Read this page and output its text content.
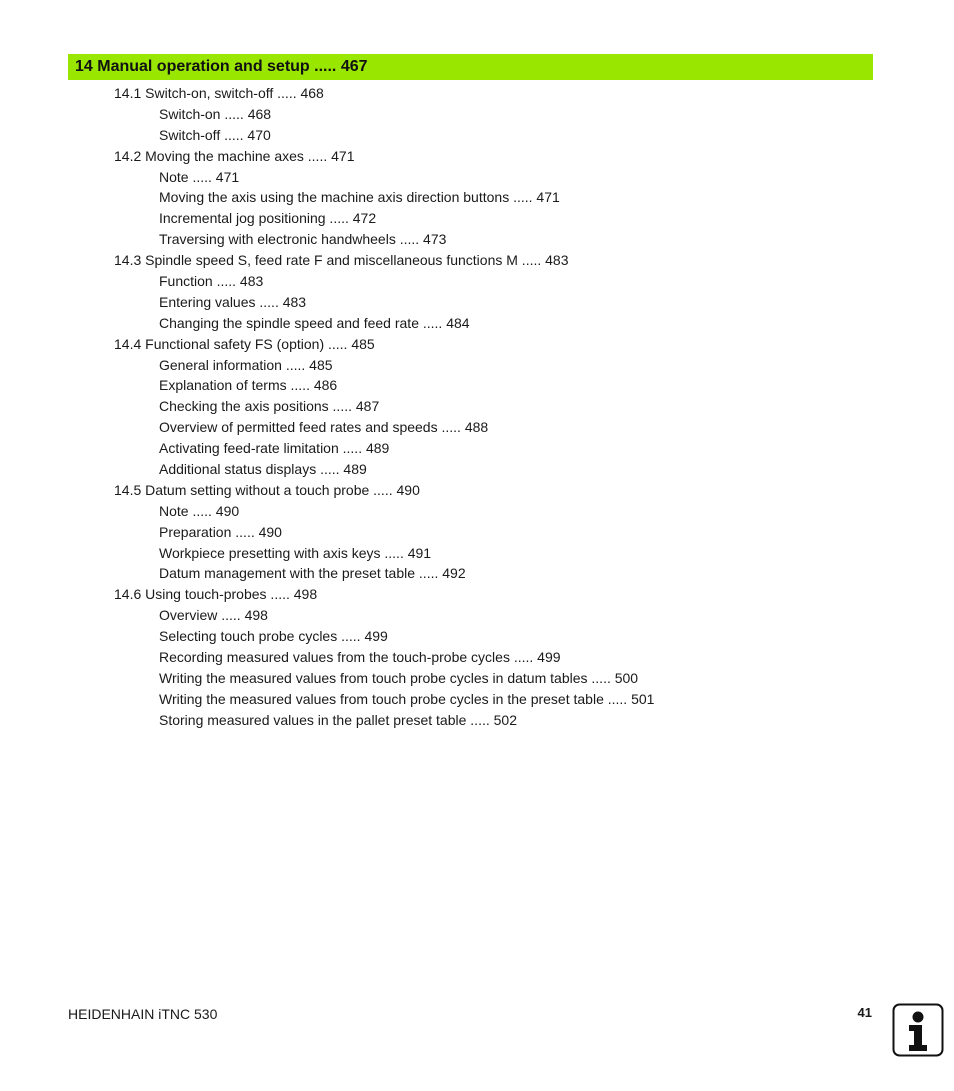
14 Manual operation and setup ..... 467
14.1 Switch-on, switch-off ..... 468
Switch-on ..... 468
Switch-off ..... 470
14.2 Moving the machine axes ..... 471
Note ..... 471
Moving the axis using the machine axis direction buttons ..... 471
Incremental jog positioning ..... 472
Traversing with electronic handwheels ..... 473
14.3 Spindle speed S, feed rate F and miscellaneous functions M ..... 483
Function ..... 483
Entering values ..... 483
Changing the spindle speed and feed rate ..... 484
14.4 Functional safety FS (option) ..... 485
General information ..... 485
Explanation of terms ..... 486
Checking the axis positions ..... 487
Overview of permitted feed rates and speeds ..... 488
Activating feed-rate limitation ..... 489
Additional status displays ..... 489
14.5 Datum setting without a touch probe ..... 490
Note ..... 490
Preparation ..... 490
Workpiece presetting with axis keys ..... 491
Datum management with the preset table ..... 492
14.6 Using touch-probes ..... 498
Overview ..... 498
Selecting touch probe cycles ..... 499
Recording measured values from the touch-probe cycles ..... 499
Writing the measured values from touch probe cycles in datum tables ..... 500
Writing the measured values from touch probe cycles in the preset table ..... 501
Storing measured values in the pallet preset table ..... 502
HEIDENHAIN iTNC 530	41
